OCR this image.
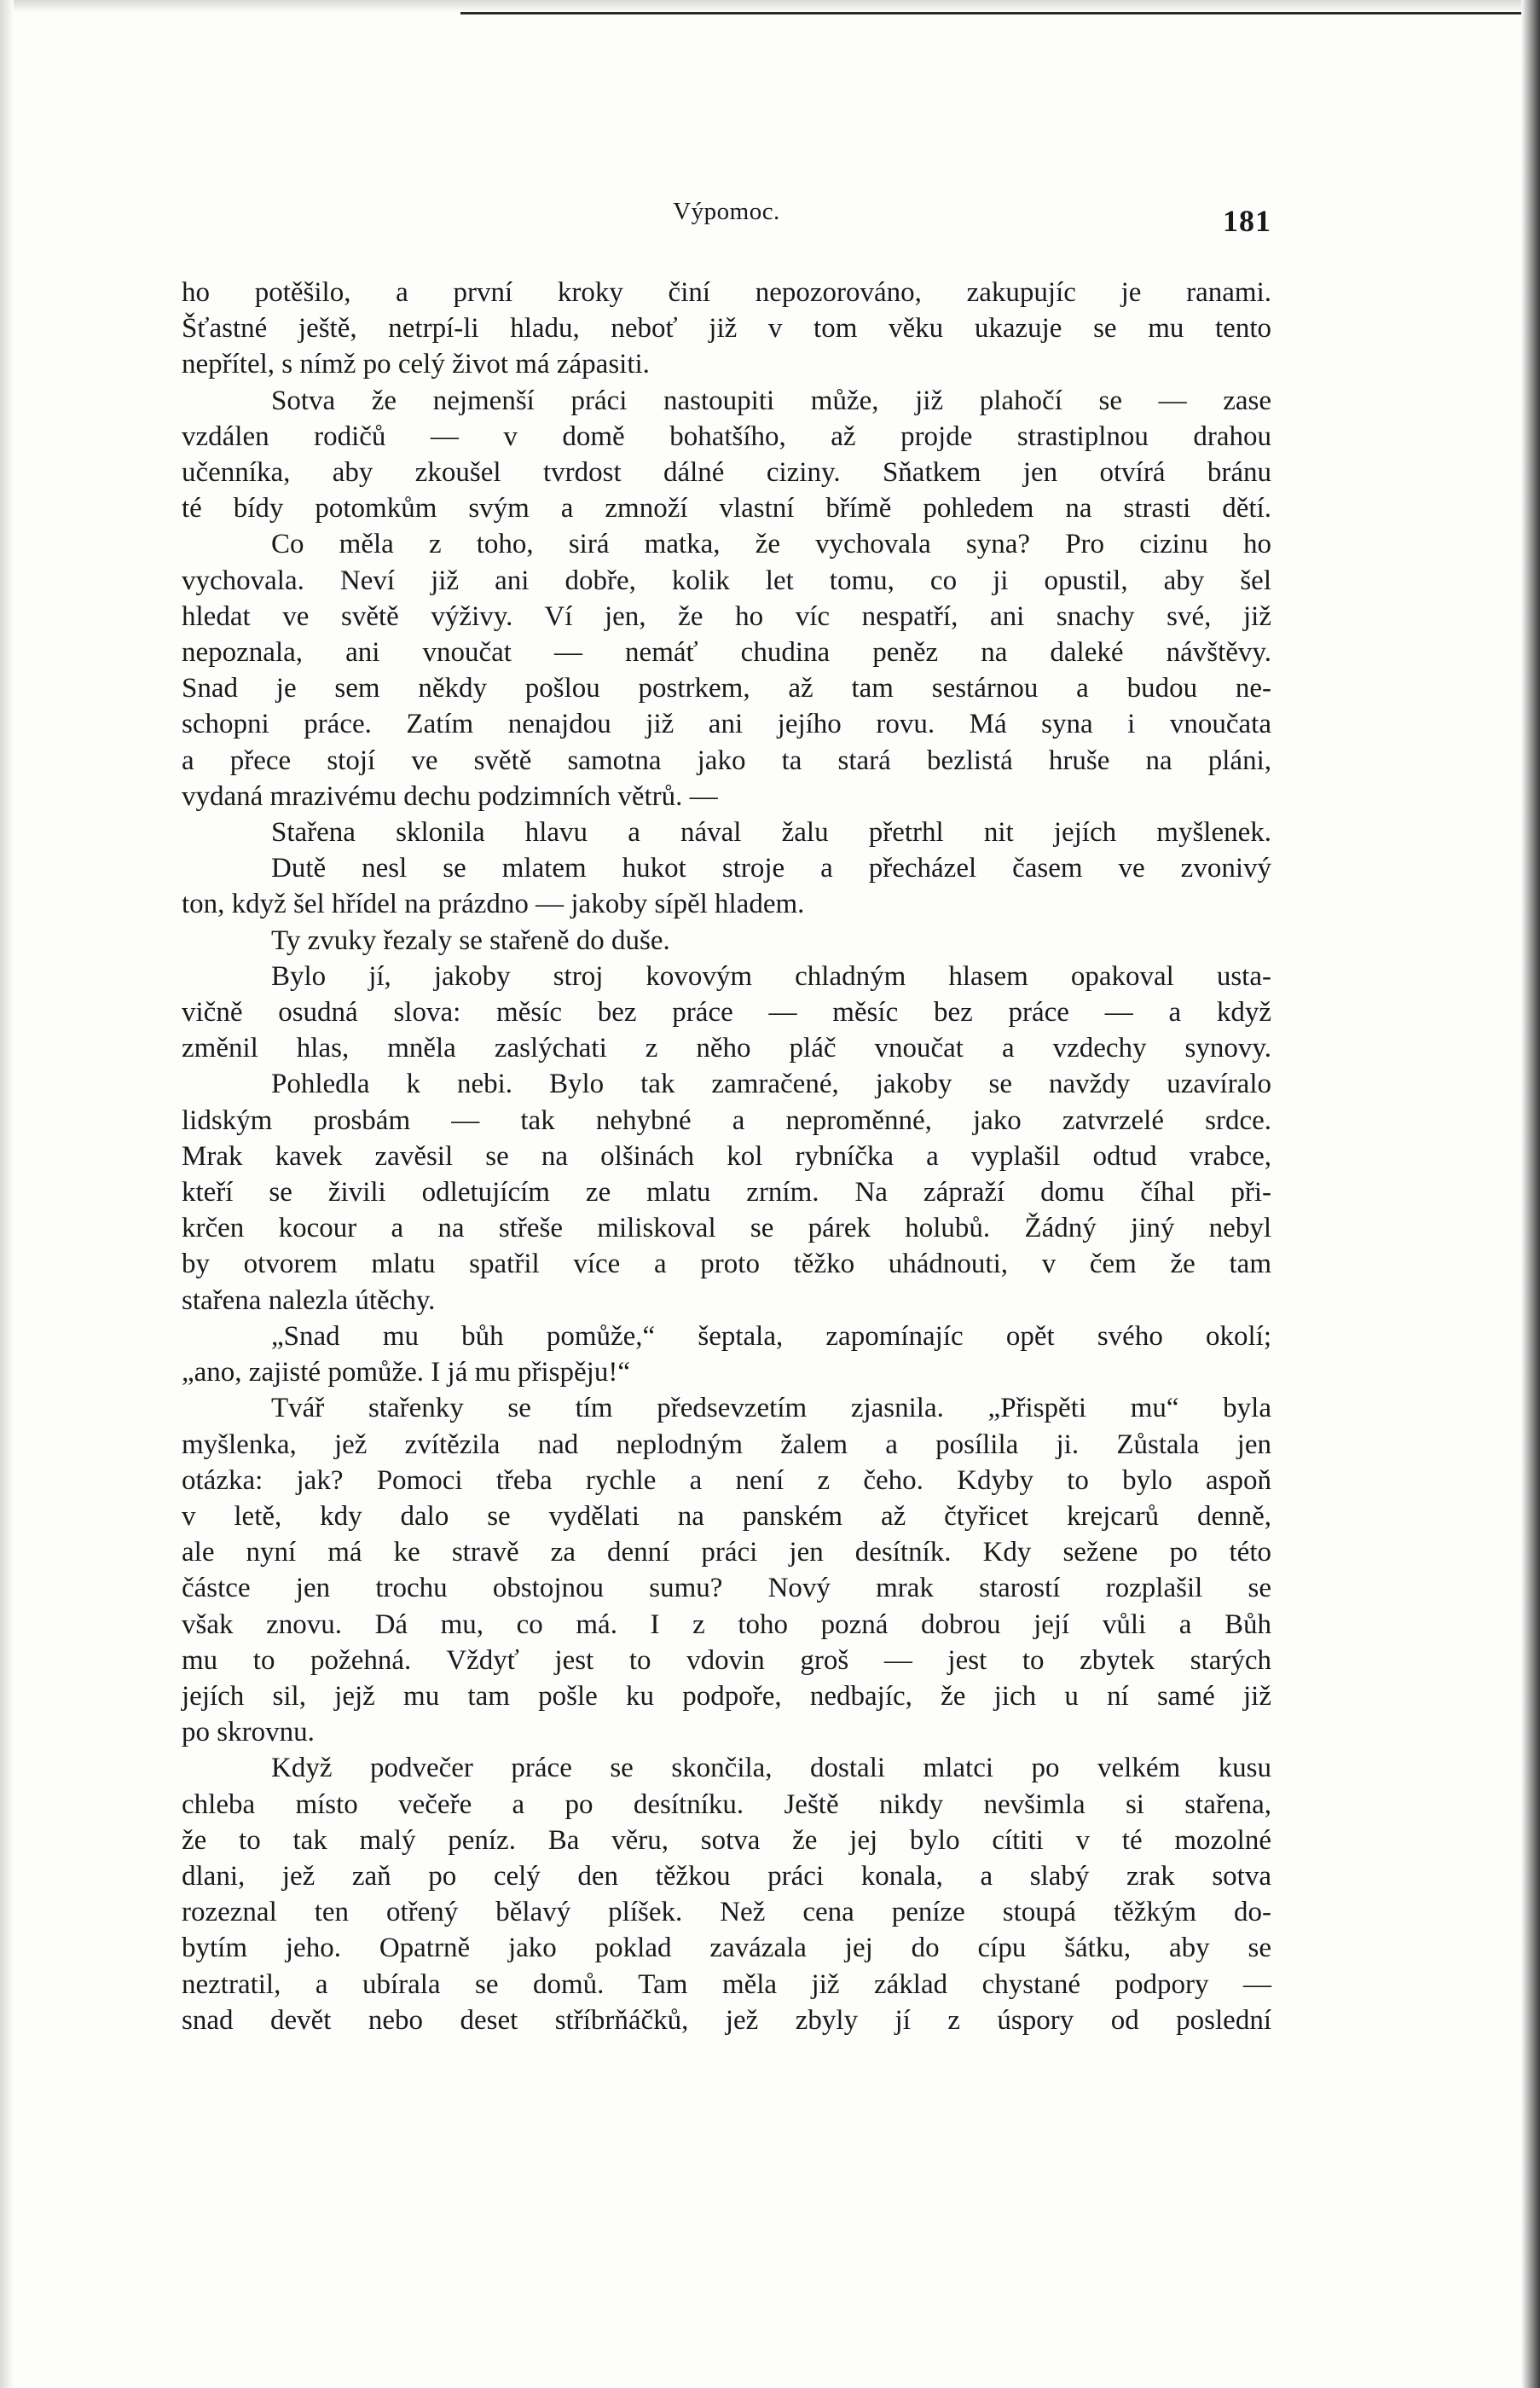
Výpomoc.	181

ho potěšilo, a první kroky činí nepozorováno, zakupujíc je ranami.

Šťastné ještě, netrpí-li hladu, neboť již v tom věku ukazuje se mu tento

nepřítel, s nímž po celý život má zápasiti.

Sotva že nejmenší práci nastoupiti může, již plahočí se — zase

vzdálen rodičů — v domě bohatšího, až projde strastiplnou drahou

učenníka, aby zkoušel tvrdost dálné ciziny. Sňatkem jen otvírá bránu

té bídy potomkům svým a zmnoží vlastní břímě pohledem na strasti dětí.

Co měla z toho, sirá matka, že vychovala syna? Pro cizinu ho

vychovala. Neví již ani dobře, kolik let tomu, co ji opustil, aby šel

hledat ve světě výživy. Ví jen, že ho víc nespatří, ani snachy své, již

nepoznala, ani vnoučat — nemáť chudina peněz na daleké návštěvy.

Snad je sem někdy pošlou postrkem, až tam sestárnou a budou ne-

schopni práce. Zatím nenajdou již ani jejího rovu. Má syna i vnoučata

a přece stojí ve světě samotna jako ta stará bezlistá hruše na pláni,

vydaná mrazivému dechu podzimních větrů. —

Stařena sklonila hlavu a nával žalu přetrhl nit jejích myšlenek.

Dutě nesl se mlatem hukot stroje a přecházel časem ve zvonivý

ton, když šel hřídel na prázdno — jakoby sípěl hladem.

Ty zvuky řezaly se stařeně do duše.

Bylo jí, jakoby stroj kovovým chladným hlasem opakoval ustа-

vičně osudná slova: měsíc bez práce — měsíc bez práce — a když

změnil hlas, mněla zaslýchati z něho pláč vnoučat a vzdechy synovy.

Pohledla k nebi. Bylo tak zamračené, jakoby se navždy uzavíralo

lidským prosbám — tak nehybné a neproměnné, jako zatvrzelé srdce.

Mrak kavek zavěsil se na olšinách kol rybníčka a vyplašil odtud vrabce,

kteří se živili odletujícím ze mlatu zrním. Na zápraží domu číhal při-

krčen kocour a na střeše miliskoval se párek holubů. Žádný jiný nebyl

by otvorem mlatu spatřil více a proto těžko uhádnouti, v čem že tam

stařena nalezla útěchy.

„Snad mu bůh pomůže,“ šeptala, zapomínajíc opět svého okolí;

„ano, zajisté pomůže. I já mu přispěju!“

Tvář stařenky se tím předsevzetím zjasnila. „Přispěti mu“ byla

myšlenka, jež zvítězila nad neplodným žalem a posílila ji. Zůstala jen

otázka: jak? Pomoci třeba rychle a není z čeho. Kdyby to bylo aspoň

v letě, kdy dalo se vydělati na panském až čtyřicet krejcarů denně,

ale nyní má ke stravě za denní práci jen desítník. Kdy sežene po této

částce jen trochu obstojnou sumu? Nový mrak starostí rozplašil se

však znovu. Dá mu, co má. I z toho pozná dobrou její vůli a Bůh

mu to požehná. Vždyť jest to vdovin groš — jest to zbytek starých

jejích sil, jejž mu tam pošle ku podpoře, nedbajíc, že jich u ní samé již

po skrovnu.

Když podvečer práce se skončila, dostali mlatci po velkém kusu

chleba místo večeře a po desítníku. Ještě nikdy nevšimla si stařena,

že to tak malý peníz. Ba věru, sotva že jej bylo cítiti v té mozolné

dlani, jež zaň po celý den těžkou práci konala, a slabý zrak sotva

rozeznal ten otřený bělavý plíšek. Než cena peníze stoupá těžkým do-

bytím jeho. Opatrně jako poklad zavázala jej do cípu šátku, aby se

neztratil, a ubírala se domů. Tam měla již základ chystané podpory —

snad devět nebo deset stříbrňáčků, jež zbyly jí z úspory od poslední
